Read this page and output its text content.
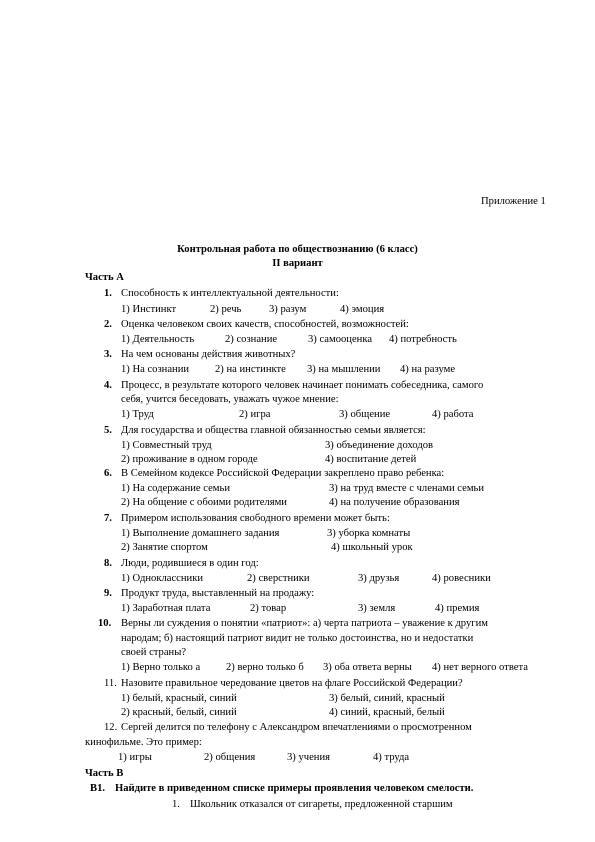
Приложение 1
Контрольная работа по обществознанию (6 класс)
II вариант
Часть А
1. Способность к интеллектуальной деятельности:
1) Инстинкт	2) речь	3) разум	4) эмоция
2. Оценка человеком своих качеств, способностей, возможностей:
1) Деятельность	2) сознание	3) самооценка 4) потребность
3. На чем основаны действия животных?
1) На сознании 2) на инстинкте 3) на мышлении 4) на разуме
4. Процесс, в результате которого человек начинает понимать собеседника, самого
себя, учится беседовать, уважать чужое мнение:
1) Труд	2) игра	3) общение	4) работа
5. Для государства и общества главной обязанностью семьи является:
1) Совместный труд	3) объединение доходов
2) проживание в одном городе	4) воспитание детей
6. В Семейном кодексе Российской Федерации закреплено право ребенка:
1) На содержание семьи	3) на труд вместе с членами семьи
2) На общение с обоими родителями	4) на получение образования
7. Примером использования свободного времени может быть:
1) Выполнение домашнего задания	3) уборка комнаты
2) Занятие спортом	4) школьный урок
8. Люди, родившиеся в один год:
1) Одноклассники	2) сверстники	3) друзья	4) ровесники
9. Продукт труда, выставленный на продажу:
1) Заработная плата	2) товар	3) земля	4) премия
10. Верны ли суждения о понятии «патриот»: а) черта патриота – уважение к другим
народам; б) настоящий патриот видит не только достоинства, но и недостатки
своей страны?
1) Верно только а 2) верно только б 3) оба ответа верны 4) нет верного ответа
11. Назовите правильное чередование цветов на флаге Российской Федерации?
1) белый, красный, синий	3) белый, синий, красный
2) красный, белый, синий	4) синий, красный, белый
12. Сергей делится по телефону с Александром впечатлениями о просмотренном
кинофильме. Это пример:
1) игры	2) общения	3) учения	4) труда
Часть В
В1. Найдите в приведенном списке примеры проявления человеком смелости.
1. Школьник отказался от сигареты, предложенной старшим
